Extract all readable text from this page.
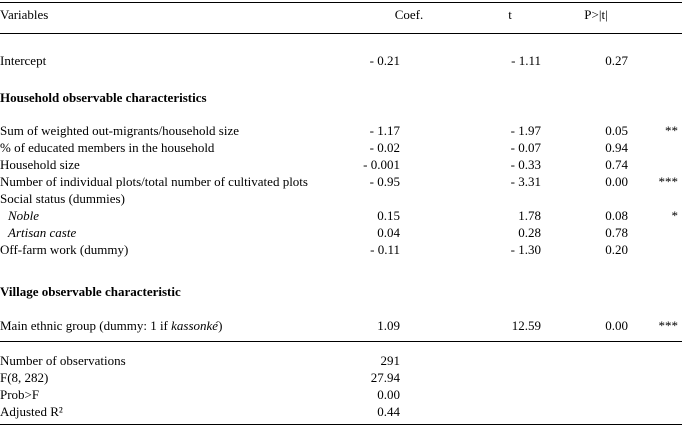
Variables	Coef.	t	P>|t|
Intercept	- 0.21	- 1.11	0.27
Household observable characteristics
Sum of weighted out-migrants/household size	- 1.17	- 1.97	0.05	**
% of educated members in the household	- 0.02	- 0.07	0.94
Household size	- 0.001	- 0.33	0.74
Number of individual plots/total number of cultivated plots	- 0.95	- 3.31	0.00 ***
Social status (dummies)
Noble	0.15	1.78	0.08	*
Artisan caste	0.04	0.28	0.78
Off-farm work (dummy)	- 0.11	- 1.30	0.20
Village observable characteristic
Main ethnic group (dummy: 1 if kassonké)	1.09	12.59	0.00 ***
Number of observations	291
F(8, 282)	27.94
Prob>F	0.00
Adjusted R²	0.44
